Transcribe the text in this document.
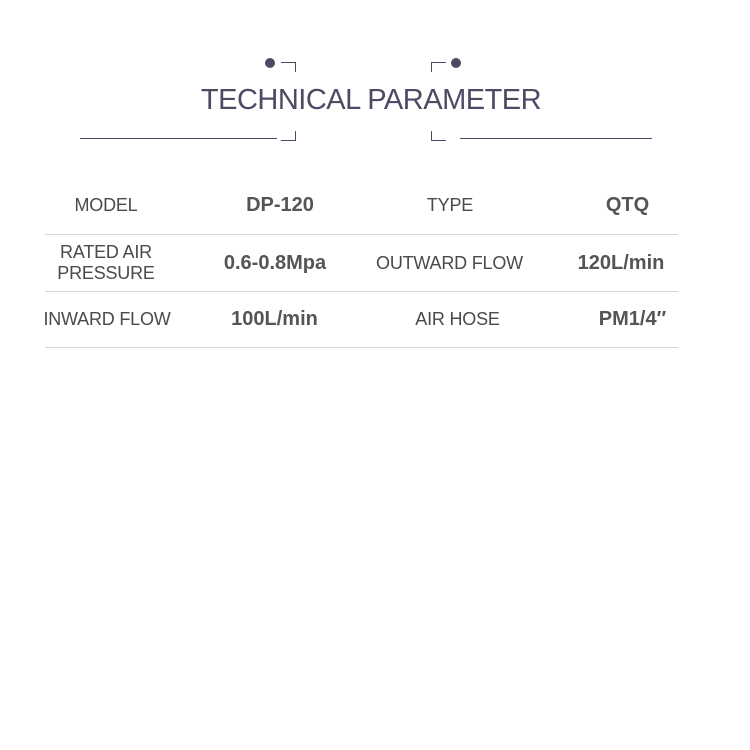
TECHNICAL PARAMETER
MODEL	DP-120	TYPE	QTQ
RATED AIR
PRESSURE	0.6-0.8Mpa	OUTWARD FLOW	120L/min
INWARD FLOW	100L/min	AIR HOSE	PM1/4″
